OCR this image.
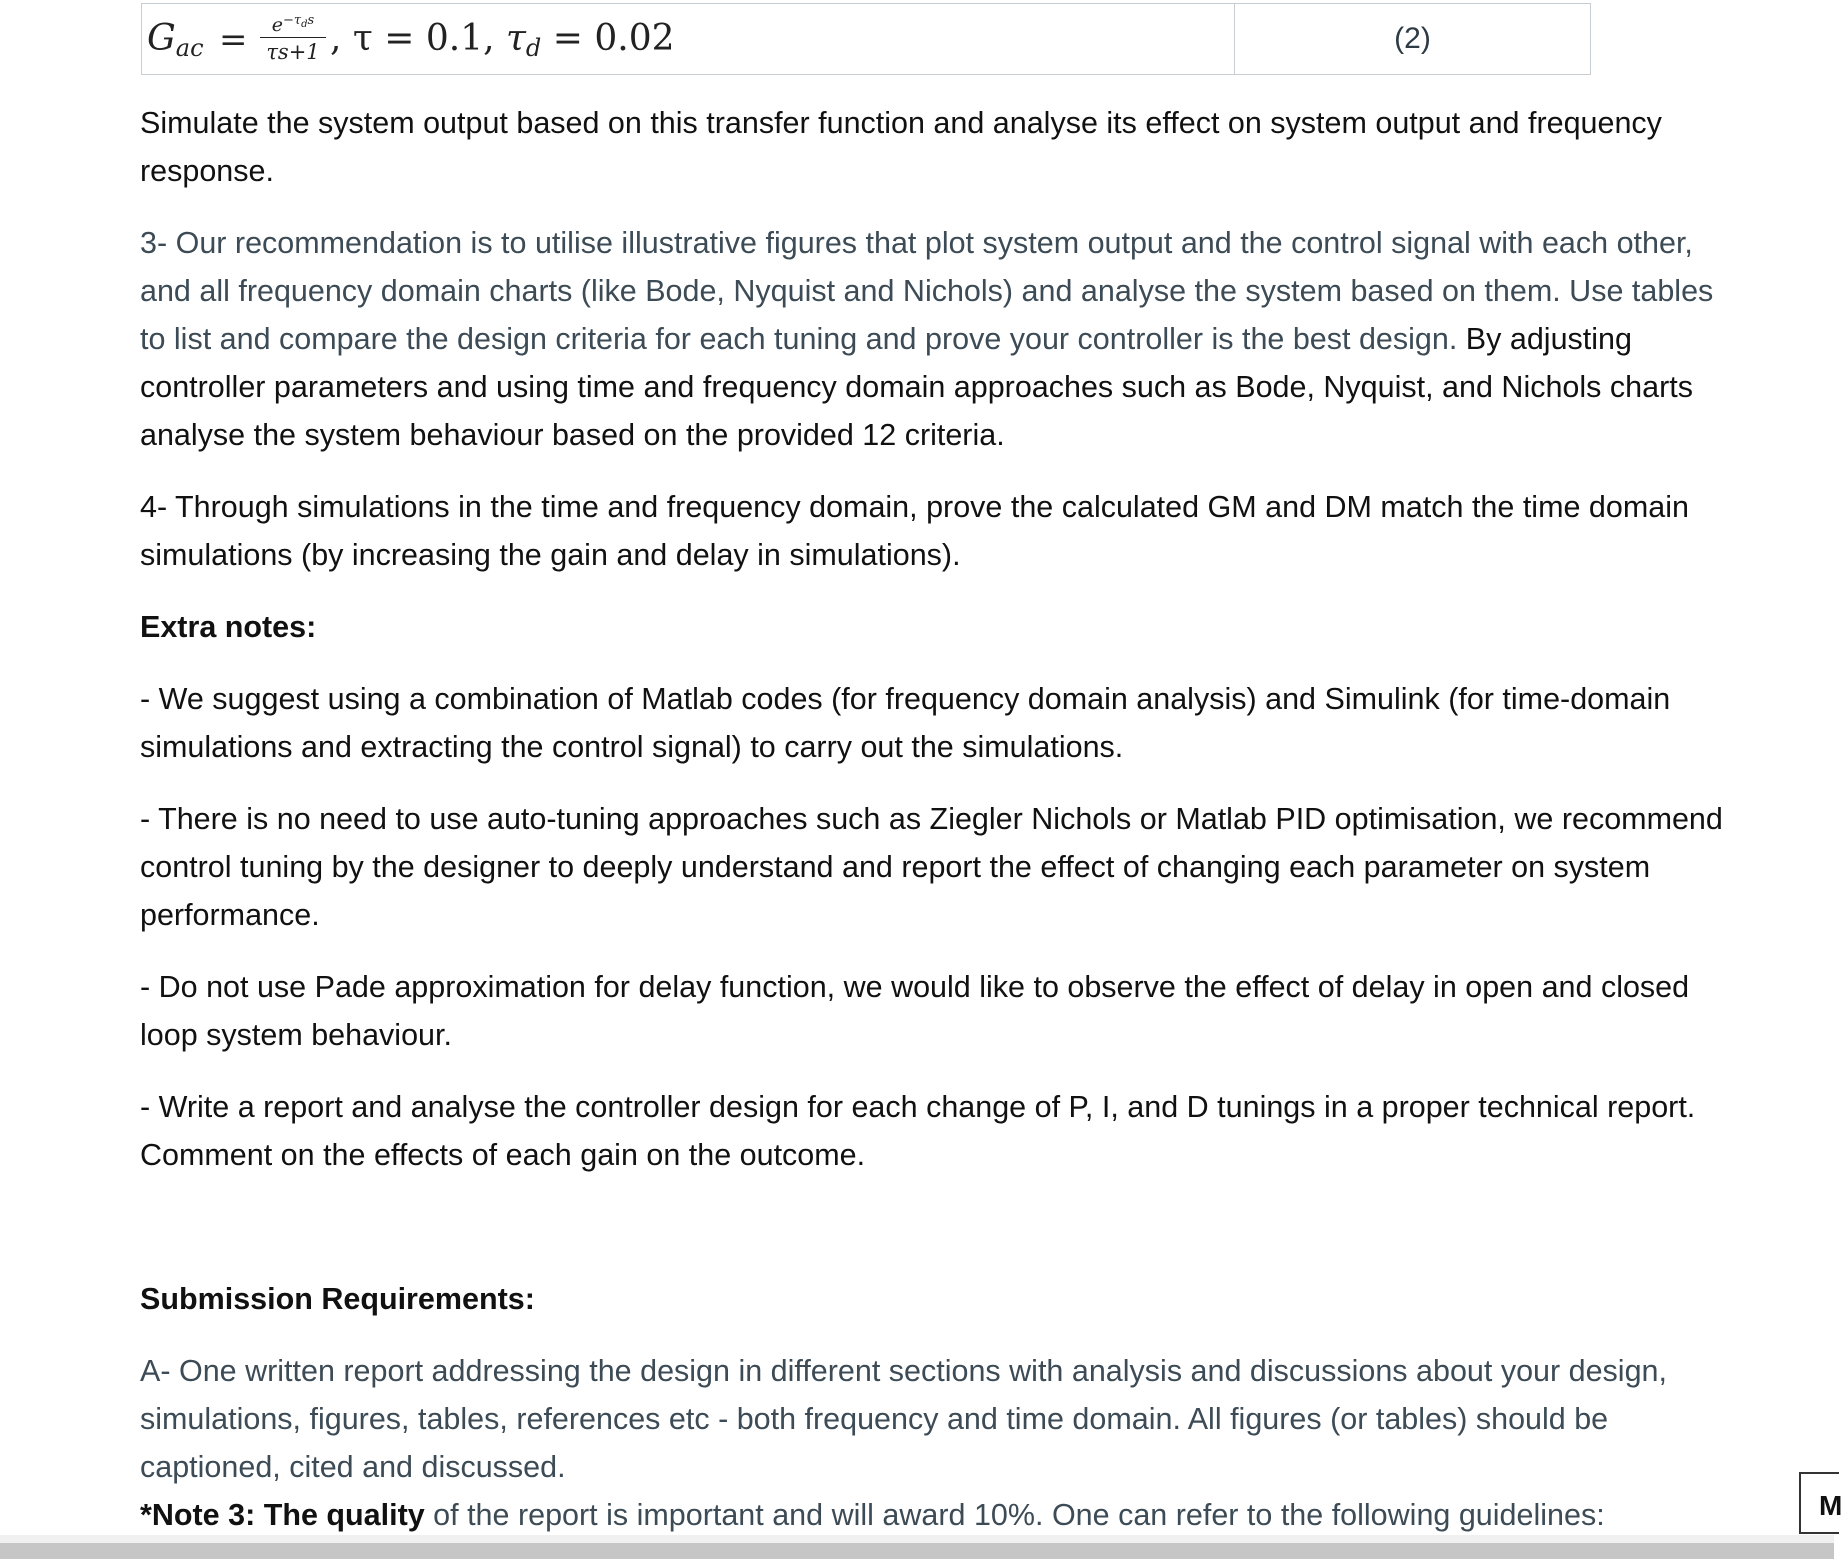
$G_{ac}$ =	$e^{-\tau_ds}$
τs+1 , τ = 0.1, $\tau_d = 0.02$	(2)

Simulate the system output based on this transfer function and analyse its effect on system output and frequency response.

3- Our recommendation is to utilise illustrative figures that plot system output and the control signal with each other, and all frequency domain charts (like Bode, Nyquist and Nichols) and analyse the system based on them. Use tables to list and compare the design criteria for each tuning and prove your controller is the best design. By adjusting controller parameters and using time and frequency domain approaches such as Bode, Nyquist, and Nichols charts analyse the system behaviour based on the provided 12 criteria.

4- Through simulations in the time and frequency domain, prove the calculated GM and DM match the time domain simulations (by increasing the gain and delay in simulations).

Extra notes:

- We suggest using a combination of Matlab codes (for frequency domain analysis) and Simulink (for time-domain simulations and extracting the control signal) to carry out the simulations.

- There is no need to use auto-tuning approaches such as Ziegler Nichols or Matlab PID optimisation, we recommend control tuning by the designer to deeply understand and report the effect of changing each parameter on system performance.

- Do not use Pade approximation for delay function, we would like to observe the effect of delay in open and closed loop system behaviour.

- Write a report and analyse the controller design for each change of P, I, and D tunings in a proper technical report. Comment on the effects of each gain on the outcome.

Submission Requirements:

A- One written report addressing the design in different sections with analysis and discussions about your design, simulations, figures, tables, references etc - both frequency and time domain. All figures (or tables) should be captioned, cited and discussed.

*Note 3: The quality of the report is important and will award 10%. One can refer to the following guidelines:	M
